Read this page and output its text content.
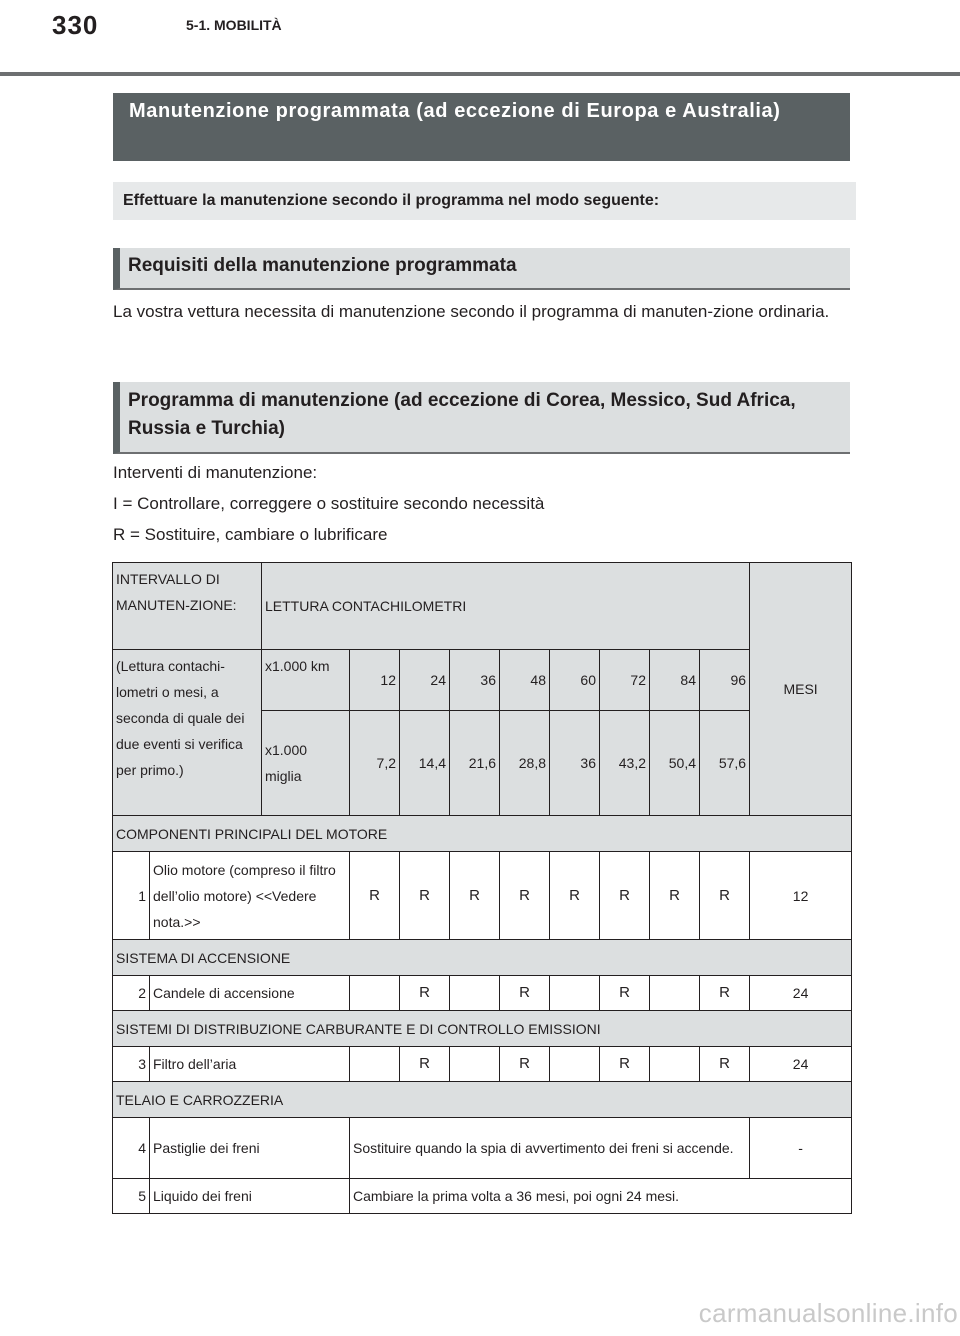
330	5-1. MOBILITÀ
Manutenzione programmata (ad eccezione di Europa e Australia)
Effettuare la manutenzione secondo il programma nel modo seguente:
Requisiti della manutenzione programmata
La vostra vettura necessita di manutenzione secondo il programma di manuten-zione ordinaria.
Programma di manutenzione (ad eccezione di Corea, Messico, Sud Africa, Russia e Turchia)
Interventi di manutenzione:
I = Controllare, correggere o sostituire secondo necessità
R = Sostituire, cambiare o lubrificare
INTERVALLO DI MANUTEN-ZIONE:		LETTURA CONTACHILOMETRI									MESI
(Lettura contachi-lometri o mesi, a seconda di quale dei due eventi si verifica per primo.)		x1.000 km	12	24	36	48	60	72	84	96	
		x1.000 miglia	7,2	14,4	21,6	28,8	36	43,2	50,4	57,6	
COMPONENTI PRINCIPALI DEL MOTORE											
1	Olio motore (compreso il filtro dell’olio motore) <<Vedere nota.>>		R	R	R	R	R	R	R	R	12
SISTEMA DI ACCENSIONE											
2	Candele di accensione			R		R		R		R	24
SISTEMI DI DISTRIBUZIONE CARBURANTE E DI CONTROLLO EMISSIONI											
3	Filtro dell’aria			R		R		R		R	24
TELAIO E CARROZZERIA											
4	Pastiglie dei freni		Sostituire quando la spia di avvertimento dei freni si accende.								-
5	Liquido dei freni		Cambiare la prima volta a 36 mesi, poi ogni 24 mesi.								
carmanualsonline.info
